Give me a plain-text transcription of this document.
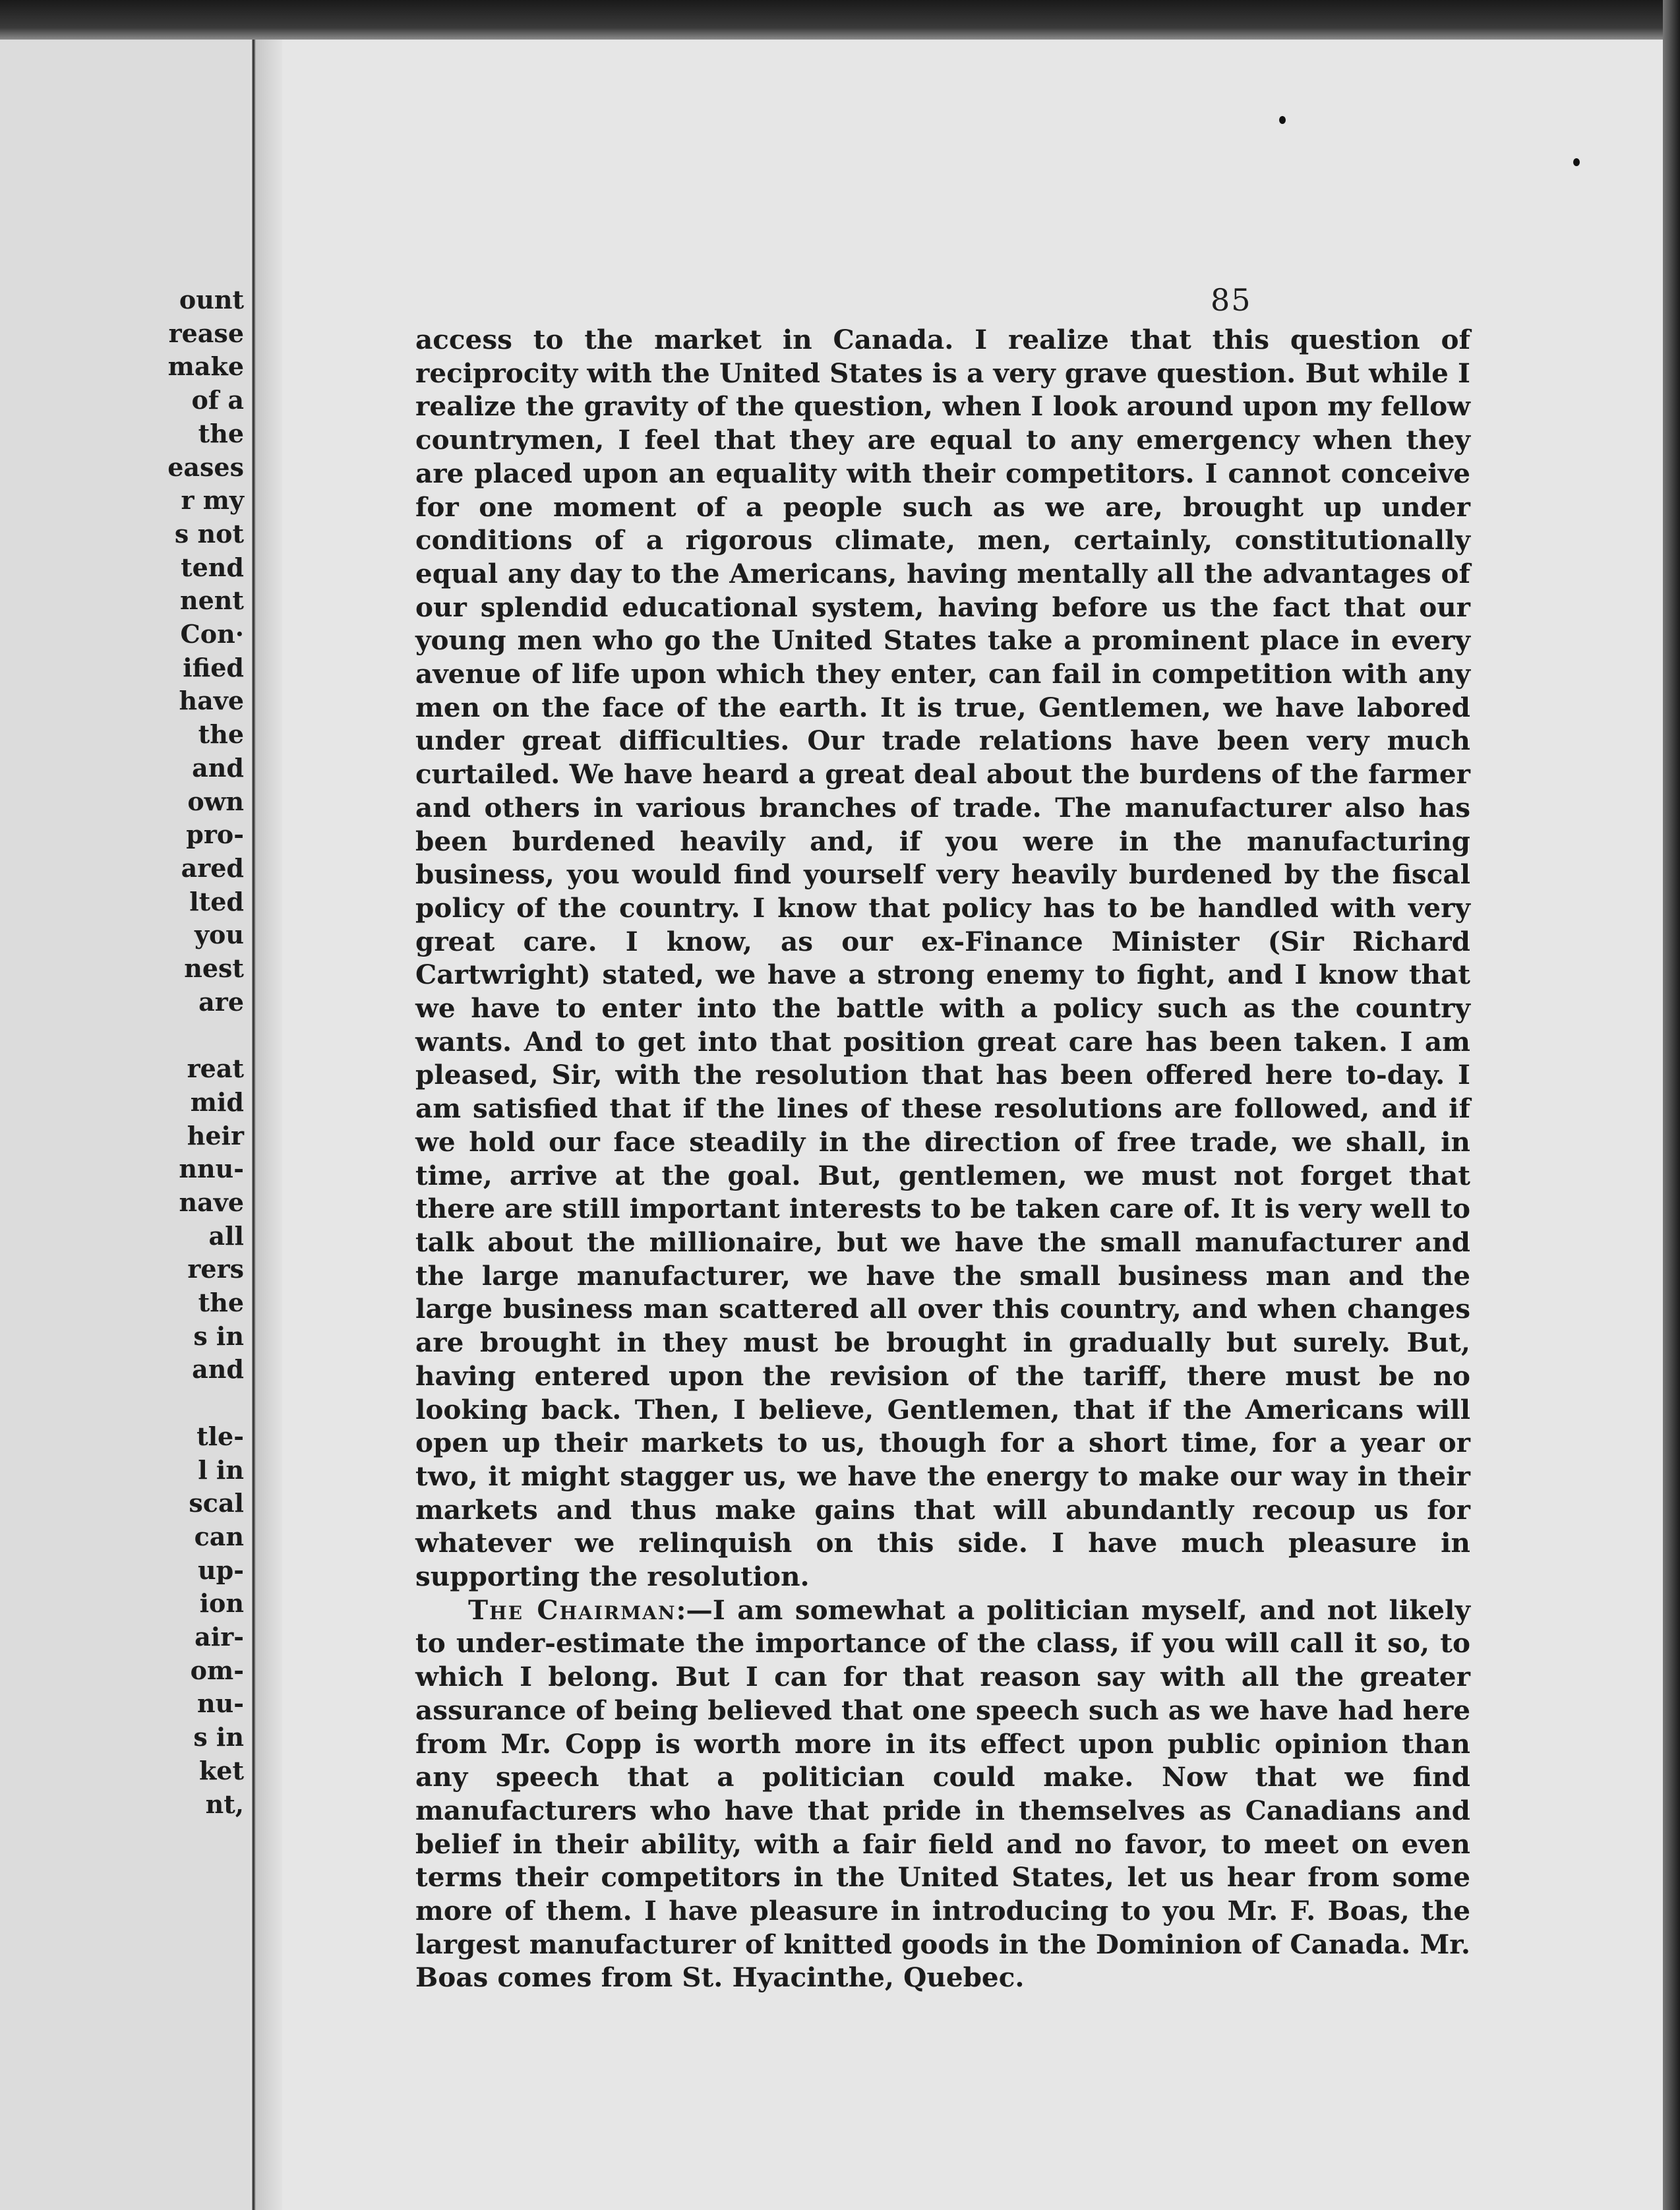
ount
rease
make
of a
the
eases
r my
s not
tend
nent
Con·
ified
have
the
and
own
pro-
ared
lted
you
nest
are
reat
mid
heir
nnu-
nave
all
rers
the
s in
and
tle-
l in
scal
can
up-
ion
air-
om-
nu-
s in
ket
nt,
85

access to the market in Canada. I realize that this question of reciprocity with the United States is a very grave question. But while I realize the gravity of the question, when I look around upon my fellow countrymen, I feel that they are equal to any emergency when they are placed upon an equality with their competitors. I cannot conceive for one moment of a people such as we are, brought up under conditions of a rigorous climate, men, certainly, constitutionally equal any day to the Americans, having mentally all the advantages of our splendid educational system, having before us the fact that our young men who go the United States take a prominent place in every avenue of life upon which they enter, can fail in competition with any men on the face of the earth. It is true, Gentlemen, we have labored under great difficulties. Our trade relations have been very much curtailed. We have heard a great deal about the burdens of the farmer and others in various branches of trade. The manufacturer also has been burdened heavily and, if you were in the manufacturing business, you would find yourself very heavily burdened by the fiscal policy of the country. I know that policy has to be handled with very great care. I know, as our ex-Finance Minister (Sir Richard Cartwright) stated, we have a strong enemy to fight, and I know that we have to enter into the battle with a policy such as the country wants. And to get into that position great care has been taken. I am pleased, Sir, with the resolution that has been offered here to-day. I am satisfied that if the lines of these resolutions are followed, and if we hold our face steadily in the direction of free trade, we shall, in time, arrive at the goal. But, gentlemen, we must not forget that there are still important interests to be taken care of. It is very well to talk about the millionaire, but we have the small manufacturer and the large manufacturer, we have the small business man and the large business man scattered all over this country, and when changes are brought in they must be brought in gradually but surely. But, having entered upon the revision of the tariff, there must be no looking back. Then, I believe, Gentlemen, that if the Americans will open up their markets to us, though for a short time, for a year or two, it might stagger us, we have the energy to make our way in their markets and thus make gains that will abundantly recoup us for whatever we relinquish on this side. I have much pleasure in supporting the resolution.

The Chairman:—I am somewhat a politician myself, and not likely to under-estimate the importance of the class, if you will call it so, to which I belong. But I can for that reason say with all the greater assurance of being believed that one speech such as we have had here from Mr. Copp is worth more in its effect upon public opinion than any speech that a politician could make. Now that we find manufacturers who have that pride in themselves as Canadians and belief in their ability, with a fair field and no favor, to meet on even terms their competitors in the United States, let us hear from some more of them. I have pleasure in introducing to you Mr. F. Boas, the largest manufacturer of knitted goods in the Dominion of Canada. Mr. Boas comes from St. Hyacinthe, Quebec.
